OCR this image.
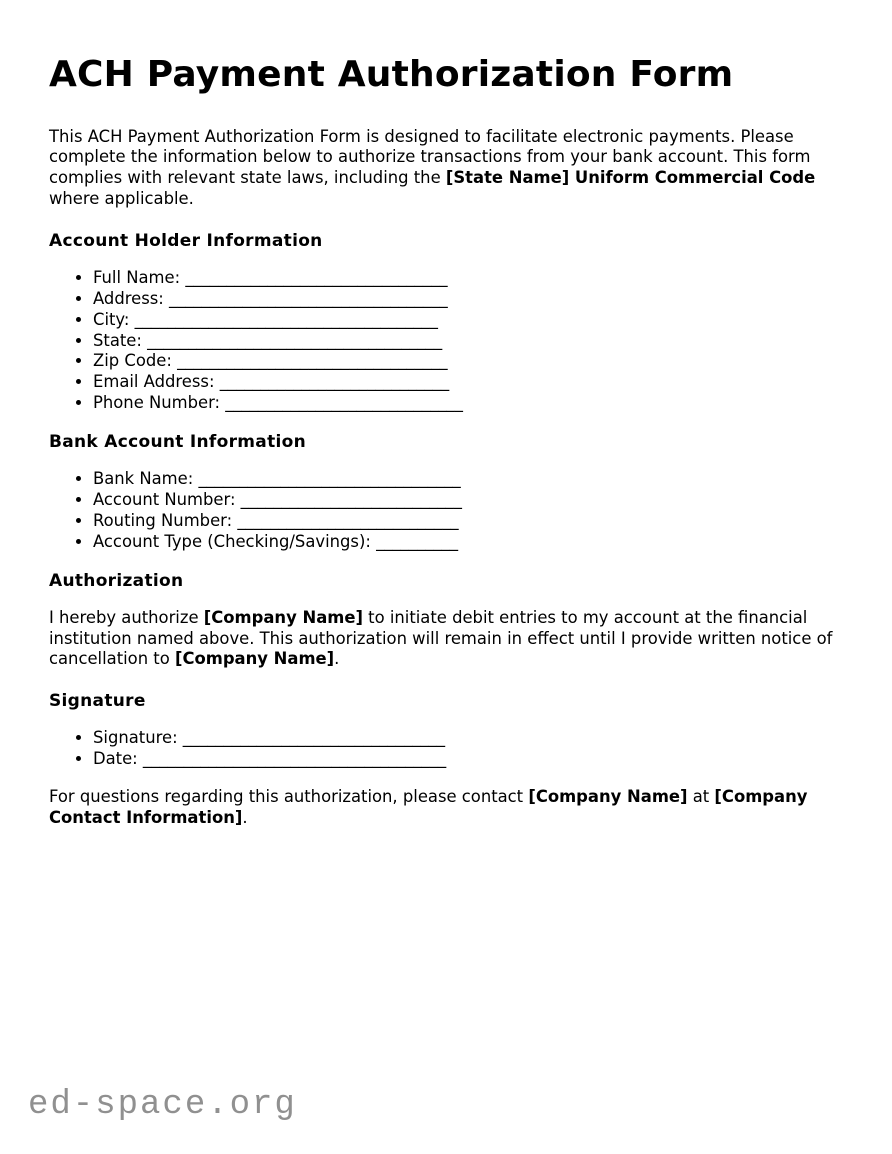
ACH Payment Authorization Form

This ACH Payment Authorization Form is designed to facilitate electronic payments. Please complete the information below to authorize transactions from your bank account. This form complies with relevant state laws, including the [State Name] Uniform Commercial Code where applicable.

Account Holder Information
• Full Name: ________________________________
• Address: __________________________________
• City: _____________________________________
• State: ____________________________________
• Zip Code: _________________________________
• Email Address: ____________________________
• Phone Number: _____________________________
Bank Account Information
• Bank Name: ________________________________
• Account Number: ___________________________
• Routing Number: ___________________________
• Account Type (Checking/Savings): __________
Authorization

I hereby authorize [Company Name] to initiate debit entries to my account at the financial institution named above. This authorization will remain in effect until I provide written notice of cancellation to [Company Name].

Signature
• Signature: ________________________________
• Date: _____________________________________

For questions regarding this authorization, please contact [Company Name] at [Company Contact Information].

ed-space.org
